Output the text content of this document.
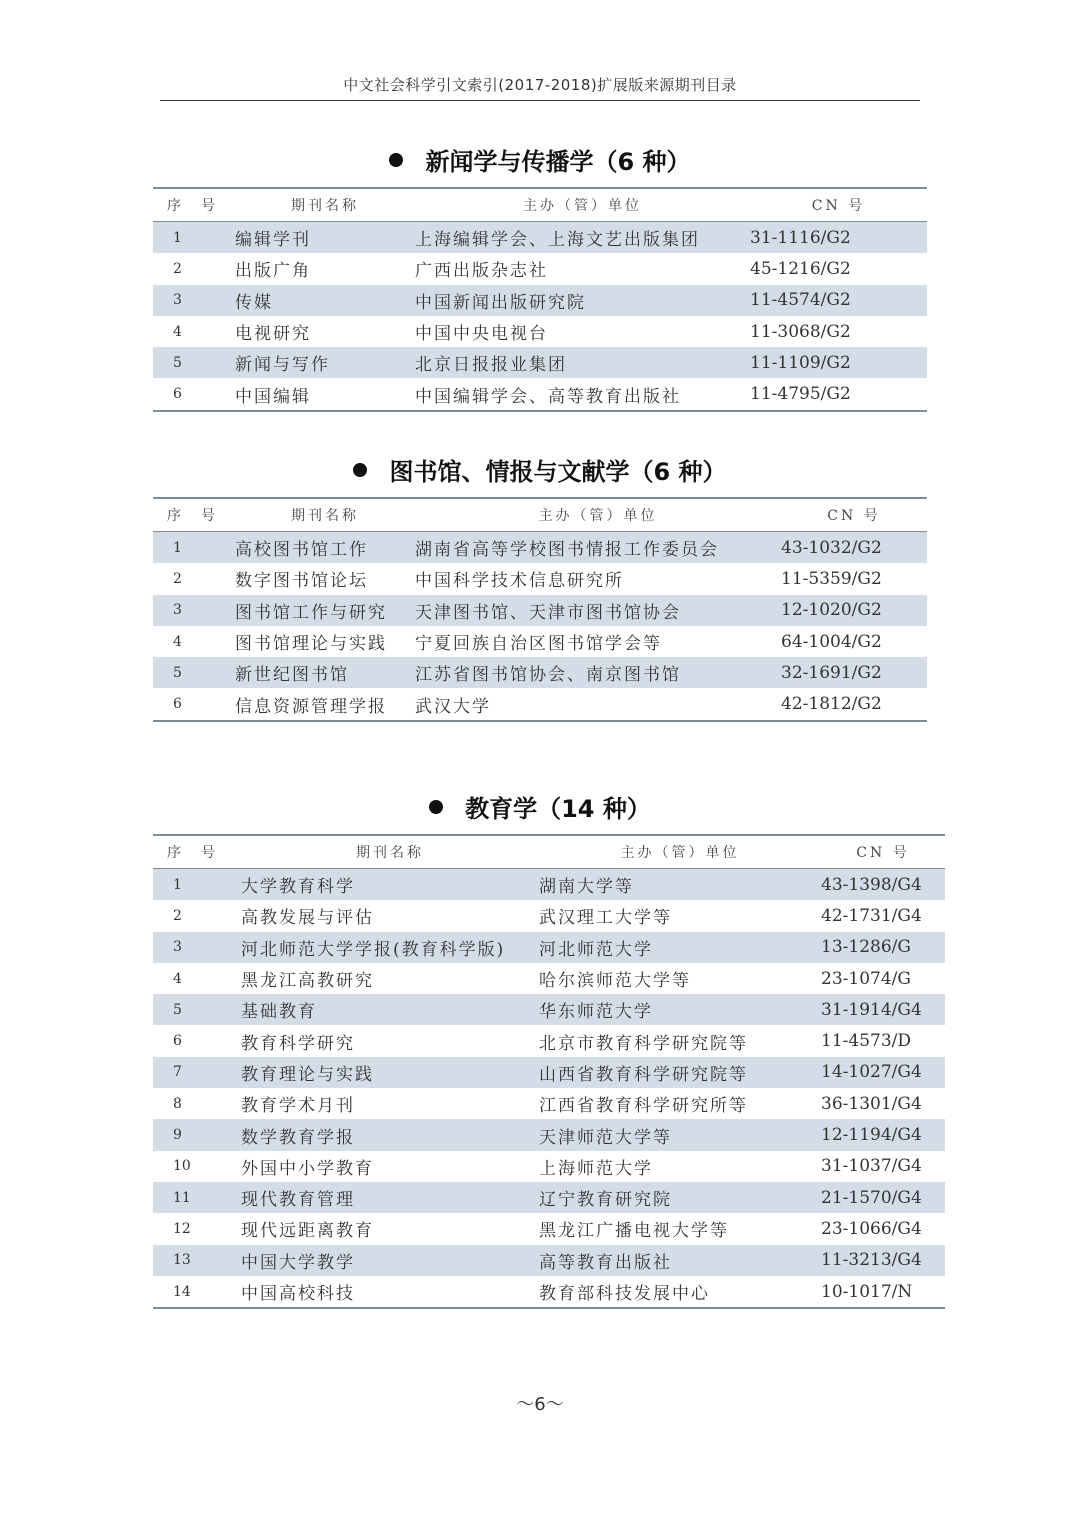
中文社会科学引文索引(2017-2018)扩展版来源期刊目录
新闻学与传播学（6 种）
序　号	期刊名称	主办（管）单位	CN 号
1	编辑学刊	上海编辑学会、上海文艺出版集团	31-1116/G2
2	出版广角	广西出版杂志社	45-1216/G2
3	传媒	中国新闻出版研究院	11-4574/G2
4	电视研究	中国中央电视台	11-3068/G2
5	新闻与写作	北京日报报业集团	11-1109/G2
6	中国编辑	中国编辑学会、高等教育出版社	11-4795/G2
图书馆、情报与文献学（6 种）
序　号	期刊名称	主办（管）单位	CN 号
1	高校图书馆工作	湖南省高等学校图书情报工作委员会	43-1032/G2
2	数字图书馆论坛	中国科学技术信息研究所	11-5359/G2
3	图书馆工作与研究	天津图书馆、天津市图书馆协会	12-1020/G2
4	图书馆理论与实践	宁夏回族自治区图书馆学会等	64-1004/G2
5	新世纪图书馆	江苏省图书馆协会、南京图书馆	32-1691/G2
6	信息资源管理学报	武汉大学	42-1812/G2
教育学（14 种）
序　号	期刊名称	主办（管）单位	CN 号
1	大学教育科学	湖南大学等	43-1398/G4
2	高教发展与评估	武汉理工大学等	42-1731/G4
3	河北师范大学学报(教育科学版)	河北师范大学	13-1286/G
4	黑龙江高教研究	哈尔滨师范大学等	23-1074/G
5	基础教育	华东师范大学	31-1914/G4
6	教育科学研究	北京市教育科学研究院等	11-4573/D
7	教育理论与实践	山西省教育科学研究院等	14-1027/G4
8	教育学术月刊	江西省教育科学研究所等	36-1301/G4
9	数学教育学报	天津师范大学等	12-1194/G4
10	外国中小学教育	上海师范大学	31-1037/G4
11	现代教育管理	辽宁教育研究院	21-1570/G4
12	现代远距离教育	黑龙江广播电视大学等	23-1066/G4
13	中国大学教学	高等教育出版社	11-3213/G4
14	中国高校科技	教育部科技发展中心	10-1017/N
～6～
